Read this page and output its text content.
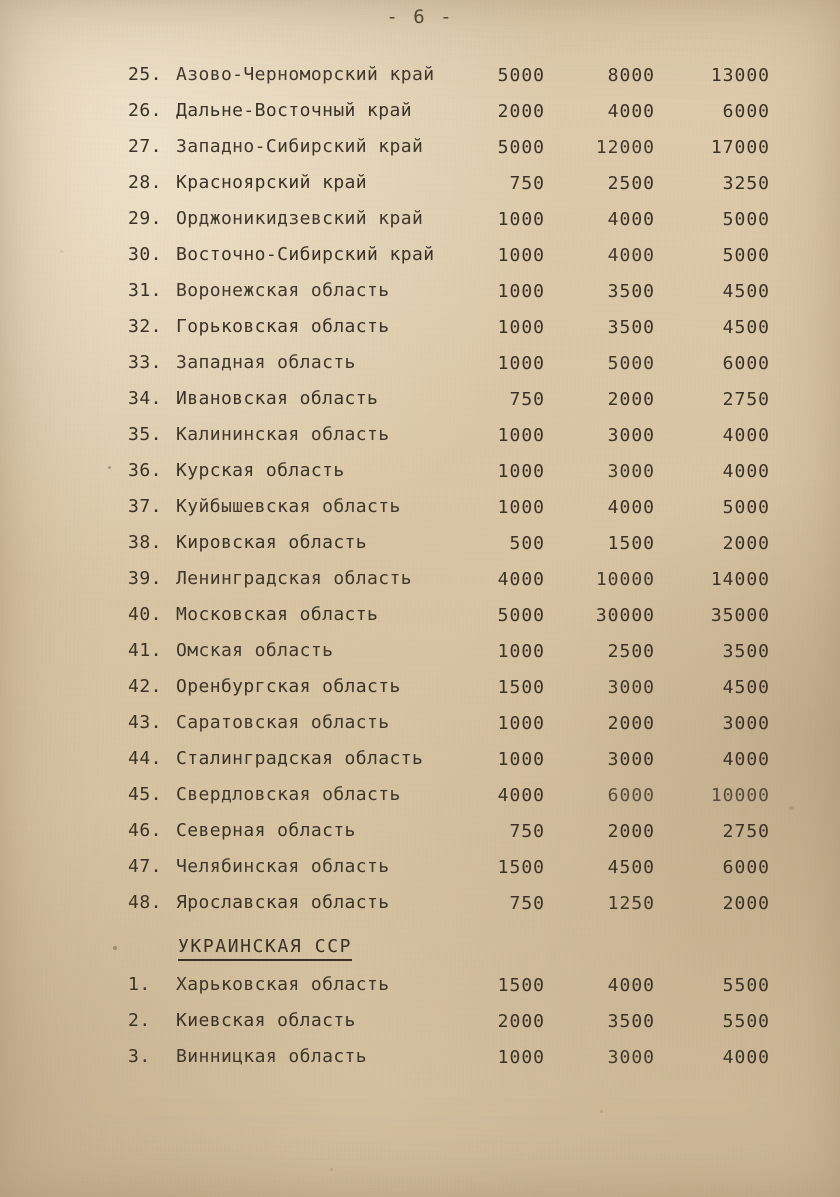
- 6 -
25. Азово-Черноморский край	5000	8000	13000
26. Дальне-Восточный край	2000	4000	6000
27. Западно-Сибирский край	5000	12000	17000
28. Красноярский край	750	2500	3250
29. Орджоникидзевский край	1000	4000	5000
30. Восточно-Сибирский край	1000	4000	5000
31. Воронежская область	1000	3500	4500
32. Горьковская область	1000	3500	4500
33. Западная область	1000	5000	6000
34. Ивановская область	750	2000	2750
35. Калининская область	1000	3000	4000
36. Курская область	1000	3000	4000
37. Куйбышевская область	1000	4000	5000
38. Кировская область	500	1500	2000
39. Ленинградская область	4000	10000	14000
40. Московская область	5000	30000	35000
41. Омская область	1000	2500	3500
42. Оренбургская область	1500	3000	4500
43. Саратовская область	1000	2000	3000
44. Сталинградская область	1000	3000	4000
45. Свердловская область	4000	6000	10000
46. Северная область	750	2000	2750
47. Челябинская область	1500	4500	6000
48. Ярославская область	750	1250	2000
УКРАИНСКАЯ ССР
1.	Харьковская область	1500	4000	5500
2.	Киевская область	2000	3500	5500
3.	Винницкая область	1000	3000	4000
